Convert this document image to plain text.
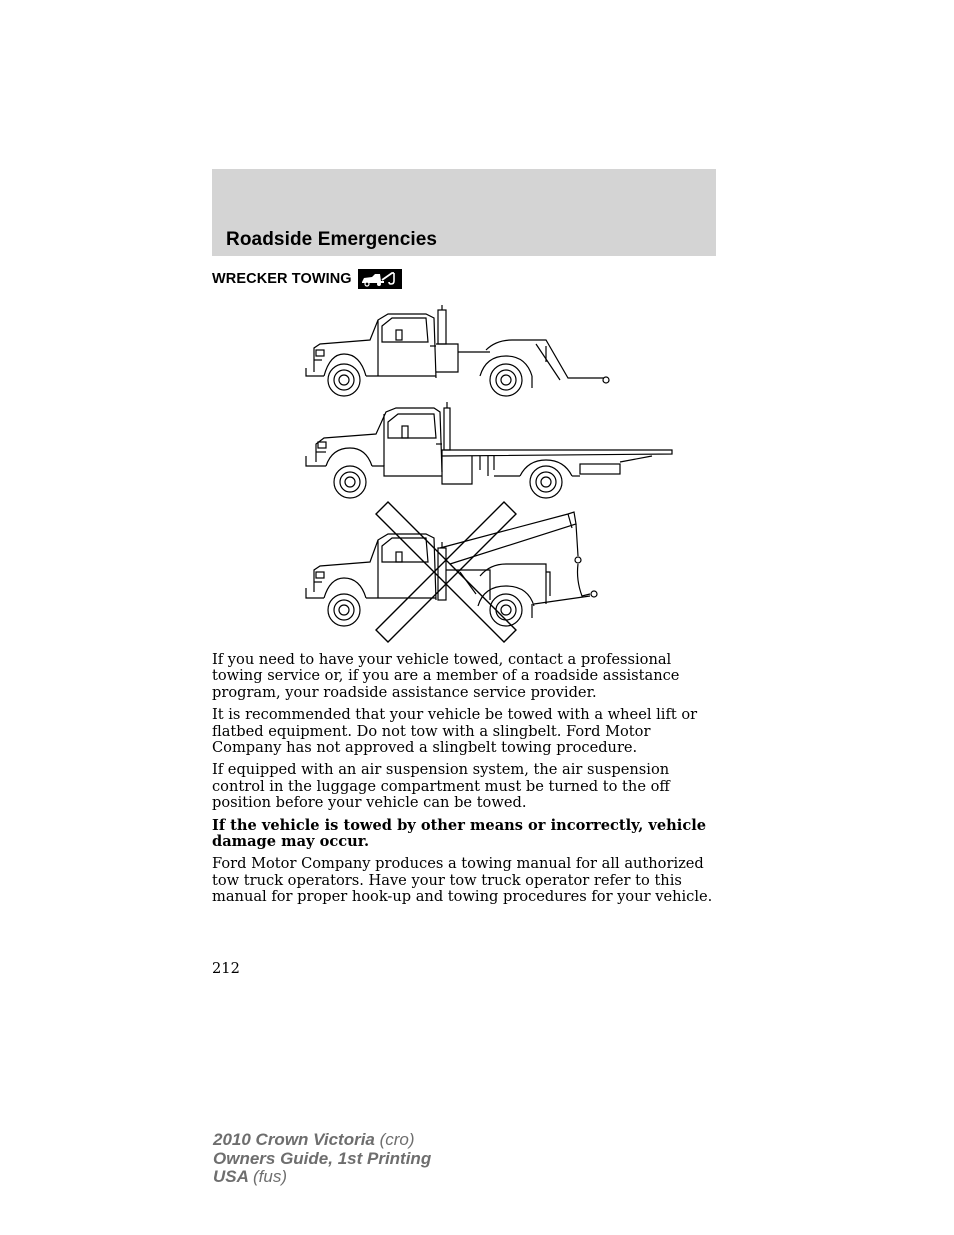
Roadside Emergencies
WRECKER TOWING

If you need to have your vehicle towed, contact a professional towing service or, if you are a member of a roadside assistance program, your roadside assistance service provider.

It is recommended that your vehicle be towed with a wheel lift or flatbed equipment. Do not tow with a slingbelt. Ford Motor Company has not approved a slingbelt towing procedure.

If equipped with an air suspension system, the air suspension control in the luggage compartment must be turned to the off position before your vehicle can be towed.

If the vehicle is towed by other means or incorrectly, vehicle damage may occur.

Ford Motor Company produces a towing manual for all authorized tow truck operators. Have your tow truck operator refer to this manual for proper hook-up and towing procedures for your vehicle.

212
2010 Crown Victoria (cro)
Owners Guide, 1st Printing
USA (fus)
